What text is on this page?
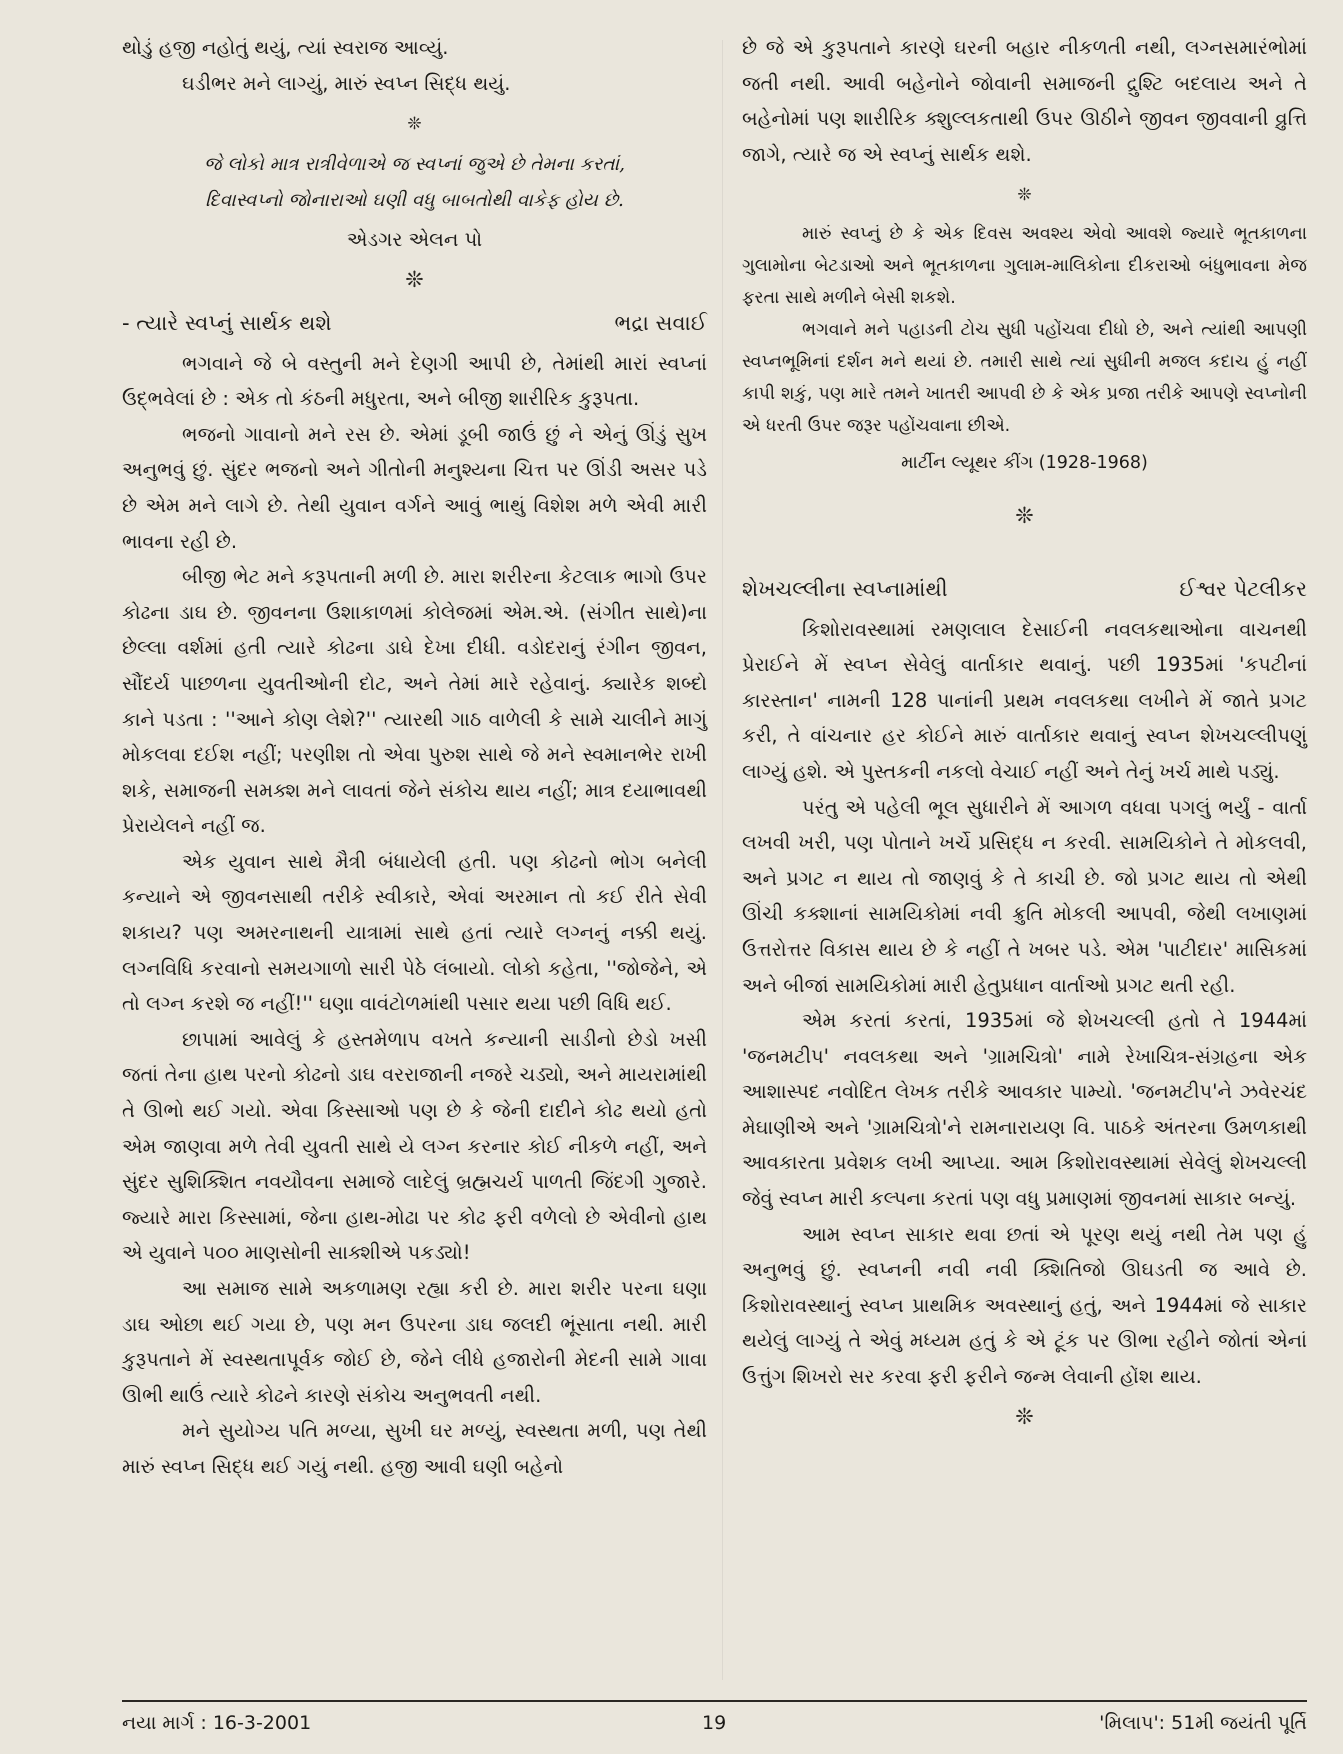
થોડું હજી નહોતું થયું, ત્યાં સ્વરાજ આવ્યું.
ઘડીભર મને લાગ્યું, મારું સ્વપ્ન સિદ્ધ થયું.
❊
જે લોકો માત્ર રાત્રીવેળાએ જ સ્વપ્નાં જુએ છે તેમના કરતાં,
દિવાસ્વપ્નો જોનારાઓ ઘણી વધુ બાબતોથી વાકેફ હોય છે.
એડગર એલન પો
❊
- ત્યારે સ્વપ્નું સાર્થક થશે	ભદ્રા સવાઈ

ભગવાને જે બે વસ્તુની મને દેણગી આપી છે, તેમાંથી મારાં સ્વપ્નાં ઉદ્ભવેલાં છે : એક તો કંઠની મધુરતા, અને બીજી શારીરિક કુરૂપતા.

ભજનો ગાવાનો મને રસ છે. એમાં ડૂબી જાઉં છું ને એનું ઊંડું સુખ અનુભવું છું. સુંદર ભજનો અને ગીતોની મનુશ્યના ચિત્ત પર ઊંડી અસર પડે છે એમ મને લાગે છે. તેથી યુવાન વર્ગને આવું ભાથું વિશેશ મળે એવી મારી ભાવના રહી છે.

બીજી ભેટ મને કરૂપતાની મળી છે. મારા શરીરના કેટલાક ભાગો ઉપર કોઢના ડાઘ છે. જીવનના ઉશાકાળમાં કોલેજમાં એમ.એ. (સંગીત સાથે)ના છેલ્લા વર્શમાં હતી ત્યારે કોઢના ડાઘે દેખા દીધી. વડોદરાનું રંગીન જીવન, સૌંદર્ય પાછળના યુવતીઓની દોટ, અને તેમાં મારે રહેવાનું. ક્યારેક શબ્દો કાને પડતા : ''આને કોણ લેશે?'' ત્યારથી ગાઠ વાળેલી કે સામે ચાલીને માગું મોકલવા દઈશ નહીં; પરણીશ તો એવા પુરુશ સાથે જે મને સ્વમાનભેર રાખી શકે, સમાજની સમક્શ મને લાવતાં જેને સંકોચ થાય નહીં; માત્ર દયાભાવથી પ્રેરાયેલને નહીં જ.

એક યુવાન સાથે મૈત્રી બંધાયેલી હતી. પણ કોઢનો ભોગ બનેલી કન્યાને એ જીવનસાથી તરીકે સ્વીકારે, એવાં અરમાન તો કઈ રીતે સેવી શકાય? પણ અમરનાથની યાત્રામાં સાથે હતાં ત્યારે લગ્નનું નક્કી થયું. લગ્નવિધિ કરવાનો સમયગાળો સારી પેઠે લંબાયો. લોકો કહેતા, ''જોજેને, એ તો લગ્ન કરશે જ નહીં!'' ઘણા વાવંટોળમાંથી પસાર થયા પછી વિધિ થઈ.

છાપામાં આવેલું કે હસ્તમેળાપ વખતે કન્યાની સાડીનો છેડો ખસી જતાં તેના હાથ પરનો કોઢનો ડાઘ વરરાજાની નજરે ચડ્યો, અને માયરામાંથી તે ઊભો થઈ ગયો. એવા કિસ્સાઓ પણ છે કે જેની દાદીને કોઢ થયો હતો એમ જાણવા મળે તેવી યુવતી સાથે યે લગ્ન કરનાર કોઈ નીકળે નહીં, અને સુંદર સુશિક્શિત નવયૌવના સમાજે લાદેલું બ્રહ્મચર્ય પાળતી જિંદગી ગુજારે. જ્યારે મારા કિસ્સામાં, જેના હાથ-મોઢા પર કોઢ ફરી વળેલો છે એવીનો હાથ એ યુવાને ૫૦૦ માણસોની સાક્શીએ પકડ્યો!

આ સમાજ સામે અકળામણ રહ્યા કરી છે. મારા શરીર પરના ઘણા ડાઘ ઓછા થઈ ગયા છે, પણ મન ઉપરના ડાઘ જલદી ભૂંસાતા નથી. મારી કુરૂપતાને મેં સ્વસ્થતાપૂર્વક જોઈ છે, જેને લીધે હજારોની મેદની સામે ગાવા ઊભી થાઉં ત્યારે કોઢને કારણે સંકોચ અનુભવતી નથી.

મને સુયોગ્ય પતિ મળ્યા, સુખી ઘર મળ્યું, સ્વસ્થતા મળી, પણ તેથી મારું સ્વપ્ન સિદ્ધ થઈ ગયું નથી. હજી આવી ઘણી બહેનો

છે જે એ કુરૂપતાને કારણે ઘરની બહાર નીકળતી નથી, લગ્નસમારંભોમાં જતી નથી. આવી બહેનોને જોવાની સમાજની દ્રુશ્ટિ બદલાય અને તે બહેનોમાં પણ શારીરિક ક્શુલ્લકતાથી ઉપર ઊઠીને જીવન જીવવાની વ્રુત્તિ જાગે, ત્યારે જ એ સ્વપ્નું સાર્થક થશે.

❊

મારું સ્વપ્નું છે કે એક દિવસ અવશ્ય એવો આવશે જ્યારે ભૂતકાળના ગુલામોના બેટડાઓ અને ભૂતકાળના ગુલામ-માલિકોના દીકરાઓ બંધુભાવના મેજ ફરતા સાથે મળીને બેસી શકશે.

ભગવાને મને પહાડની ટોચ સુધી પહોંચવા દીધો છે, અને ત્યાંથી આપણી સ્વપ્નભૂમિનાં દર્શન મને થયાં છે. તમારી સાથે ત્યાં સુધીની મજલ કદાચ હું નહીં કાપી શકું, પણ મારે તમને ખાતરી આપવી છે કે એક પ્રજા તરીકે આપણે સ્વપ્નોની એ ધરતી ઉપર જરૂર પહોંચવાના છીએ.

માર્ટીન લ્યૂથર કીંગ (1928-1968)
❊
શેખચલ્લીના સ્વપ્નામાંથી	ઈશ્વર પેટલીકર

કિશોરાવસ્થામાં રમણલાલ દેસાઈની નવલકથાઓના વાચનથી પ્રેરાઈને મેં સ્વપ્ન સેવેલું વાર્તાકાર થવાનું. પછી 1935માં 'કપટીનાં કારસ્તાન' નામની 128 પાનાંની પ્રથમ નવલકથા લખીને મેં જાતે પ્રગટ કરી, તે વાંચનાર હર કોઈને મારું વાર્તાકાર થવાનું સ્વપ્ન શેખચલ્લીપણું લાગ્યું હશે. એ પુસ્તકની નકલો વેચાઈ નહીં અને તેનું ખર્ચ માથે પડ્યું.

પરંતુ એ પહેલી ભૂલ સુધારીને મેં આગળ વધવા પગલું ભર્યું - વાર્તા લખવી ખરી, પણ પોતાને ખર્ચે પ્રસિદ્ધ ન કરવી. સામયિકોને તે મોકલવી, અને પ્રગટ ન થાય તો જાણવું કે તે કાચી છે. જો પ્રગટ થાય તો એથી ઊંચી કક્શાનાં સામયિકોમાં નવી ક્રુતિ મોકલી આપવી, જેથી લખાણમાં ઉત્તરોત્તર વિકાસ થાય છે કે નહીં તે ખબર પડે. એમ 'પાટીદાર' માસિકમાં અને બીજાં સામયિકોમાં મારી હેતુપ્રધાન વાર્તાઓ પ્રગટ થતી રહી.

એમ કરતાં કરતાં, 1935માં જે શેખચલ્લી હતો તે 1944માં 'જનમટીપ' નવલકથા અને 'ગ્રામચિત્રો' નામે રેખાચિત્ર-સંગ્રહના એક આશાસ્પદ નવોદિત લેખક તરીકે આવકાર પામ્યો. 'જનમટીપ'ને ઝવેરચંદ મેઘાણીએ અને 'ગ્રામચિત્રો'ને રામનારાયણ વિ. પાઠકે અંતરના ઉમળકાથી આવકારતા પ્રવેશક લખી આપ્યા. આમ કિશોરાવસ્થામાં સેવેલું શેખચલ્લી જેવું સ્વપ્ન મારી કલ્પના કરતાં પણ વધુ પ્રમાણમાં જીવનમાં સાકાર બન્યું.

આમ સ્વપ્ન સાકાર થવા છતાં એ પૂરણ થયું નથી તેમ પણ હું અનુભવું છું. સ્વપ્નની નવી નવી ક્શિતિજો ઊઘડતી જ આવે છે. કિશોરાવસ્થાનું સ્વપ્ન પ્રાથમિક અવસ્થાનું હતું, અને 1944માં જે સાકાર થયેલું લાગ્યું તે એવું મધ્યમ હતું કે એ ટૂંક પર ઊભા રહીને જોતાં એનાં ઉત્તુંગ શિખરો સર કરવા ફરી ફરીને જન્મ લેવાની હોંશ થાય.

❊
નયા માર્ગ : 16-3-2001	19	'મિલાપ': 51મી જયંતી પૂર્તિ
